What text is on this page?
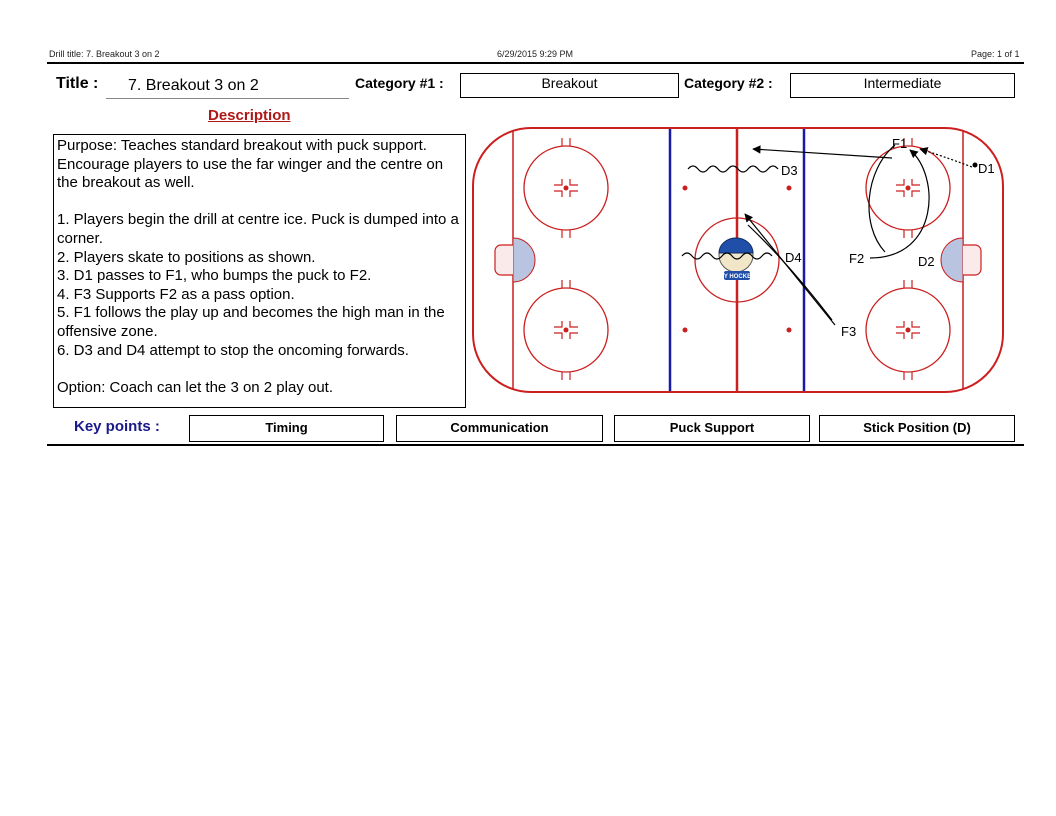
Drill title: 7. Breakout 3 on 2	6/29/2015 9:29 PM	Page: 1 of 1
Title :	7. Breakout 3 on 2	Category #1 :	Breakout	Category #2 :	Intermediate
Description

Purpose: Teaches standard breakout with puck support. Encourage players to use the far winger and the centre on the breakout as well.

1. Players begin the drill at centre ice. Puck is dumped into a corner.

2. Players skate to positions as shown.

3. D1 passes to F1, who bumps the puck to F2.

4. F3 Supports F2 as a pass option.

5. F1 follows the play up and becomes the high man in the offensive zone.

6. D3 and D4 attempt to stop the oncoming forwards.

Option: Coach can let the 3 on 2 play out.

MY HOCKEY
F1
D1
D3
D4	F2	D2
F3
Key points :	Timing	Communication	Puck Support	Stick Position (D)
